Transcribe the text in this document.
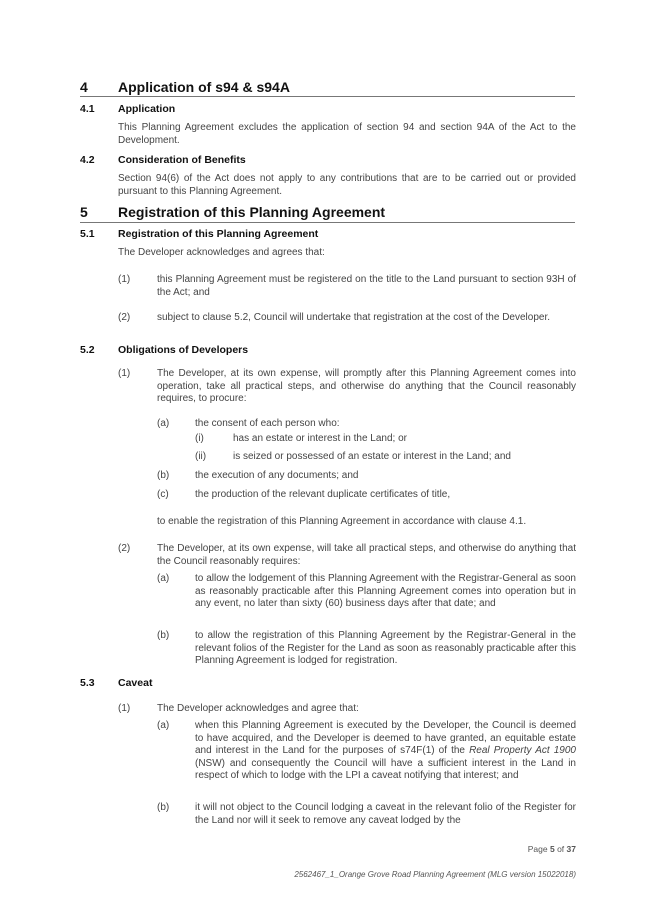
4 Application of s94 & s94A
4.1 Application
This Planning Agreement excludes the application of section 94 and section 94A of the Act to the Development.
4.2 Consideration of Benefits
Section 94(6) of the Act does not apply to any contributions that are to be carried out or provided pursuant to this Planning Agreement.
5 Registration of this Planning Agreement
5.1 Registration of this Planning Agreement
The Developer acknowledges and agrees that:
(1)	this Planning Agreement must be registered on the title to the Land pursuant to section 93H of the Act; and
(2)	subject to clause 5.2, Council will undertake that registration at the cost of the Developer.
5.2 Obligations of Developers
(1)	The Developer, at its own expense, will promptly after this Planning Agreement comes into operation, take all practical steps, and otherwise do anything that the Council reasonably requires, to procure:
(a)	the consent of each person who:
(i)	has an estate or interest in the Land; or
(ii)	is seized or possessed of an estate or interest in the Land; and
(b)	the execution of any documents; and
(c)	the production of the relevant duplicate certificates of title,
to enable the registration of this Planning Agreement in accordance with clause 4.1.
(2)	The Developer, at its own expense, will take all practical steps, and otherwise do anything that the Council reasonably requires:
(a)	to allow the lodgement of this Planning Agreement with the Registrar-General as soon as reasonably practicable after this Planning Agreement comes into operation but in any event, no later than sixty (60) business days after that date; and
(b)	to allow the registration of this Planning Agreement by the Registrar-General in the relevant folios of the Register for the Land as soon as reasonably practicable after this Planning Agreement is lodged for registration.
5.3 Caveat
(1)	The Developer acknowledges and agree that:
(a)	when this Planning Agreement is executed by the Developer, the Council is deemed to have acquired, and the Developer is deemed to have granted, an equitable estate and interest in the Land for the purposes of s74F(1) of the Real Property Act 1900 (NSW) and consequently the Council will have a sufficient interest in the Land in respect of which to lodge with the LPI a caveat notifying that interest; and
(b)	it will not object to the Council lodging a caveat in the relevant folio of the Register for the Land nor will it seek to remove any caveat lodged by the
Page 5 of 37
2562467_1_Orange Grove Road Planning Agreement (MLG version 15022018)
